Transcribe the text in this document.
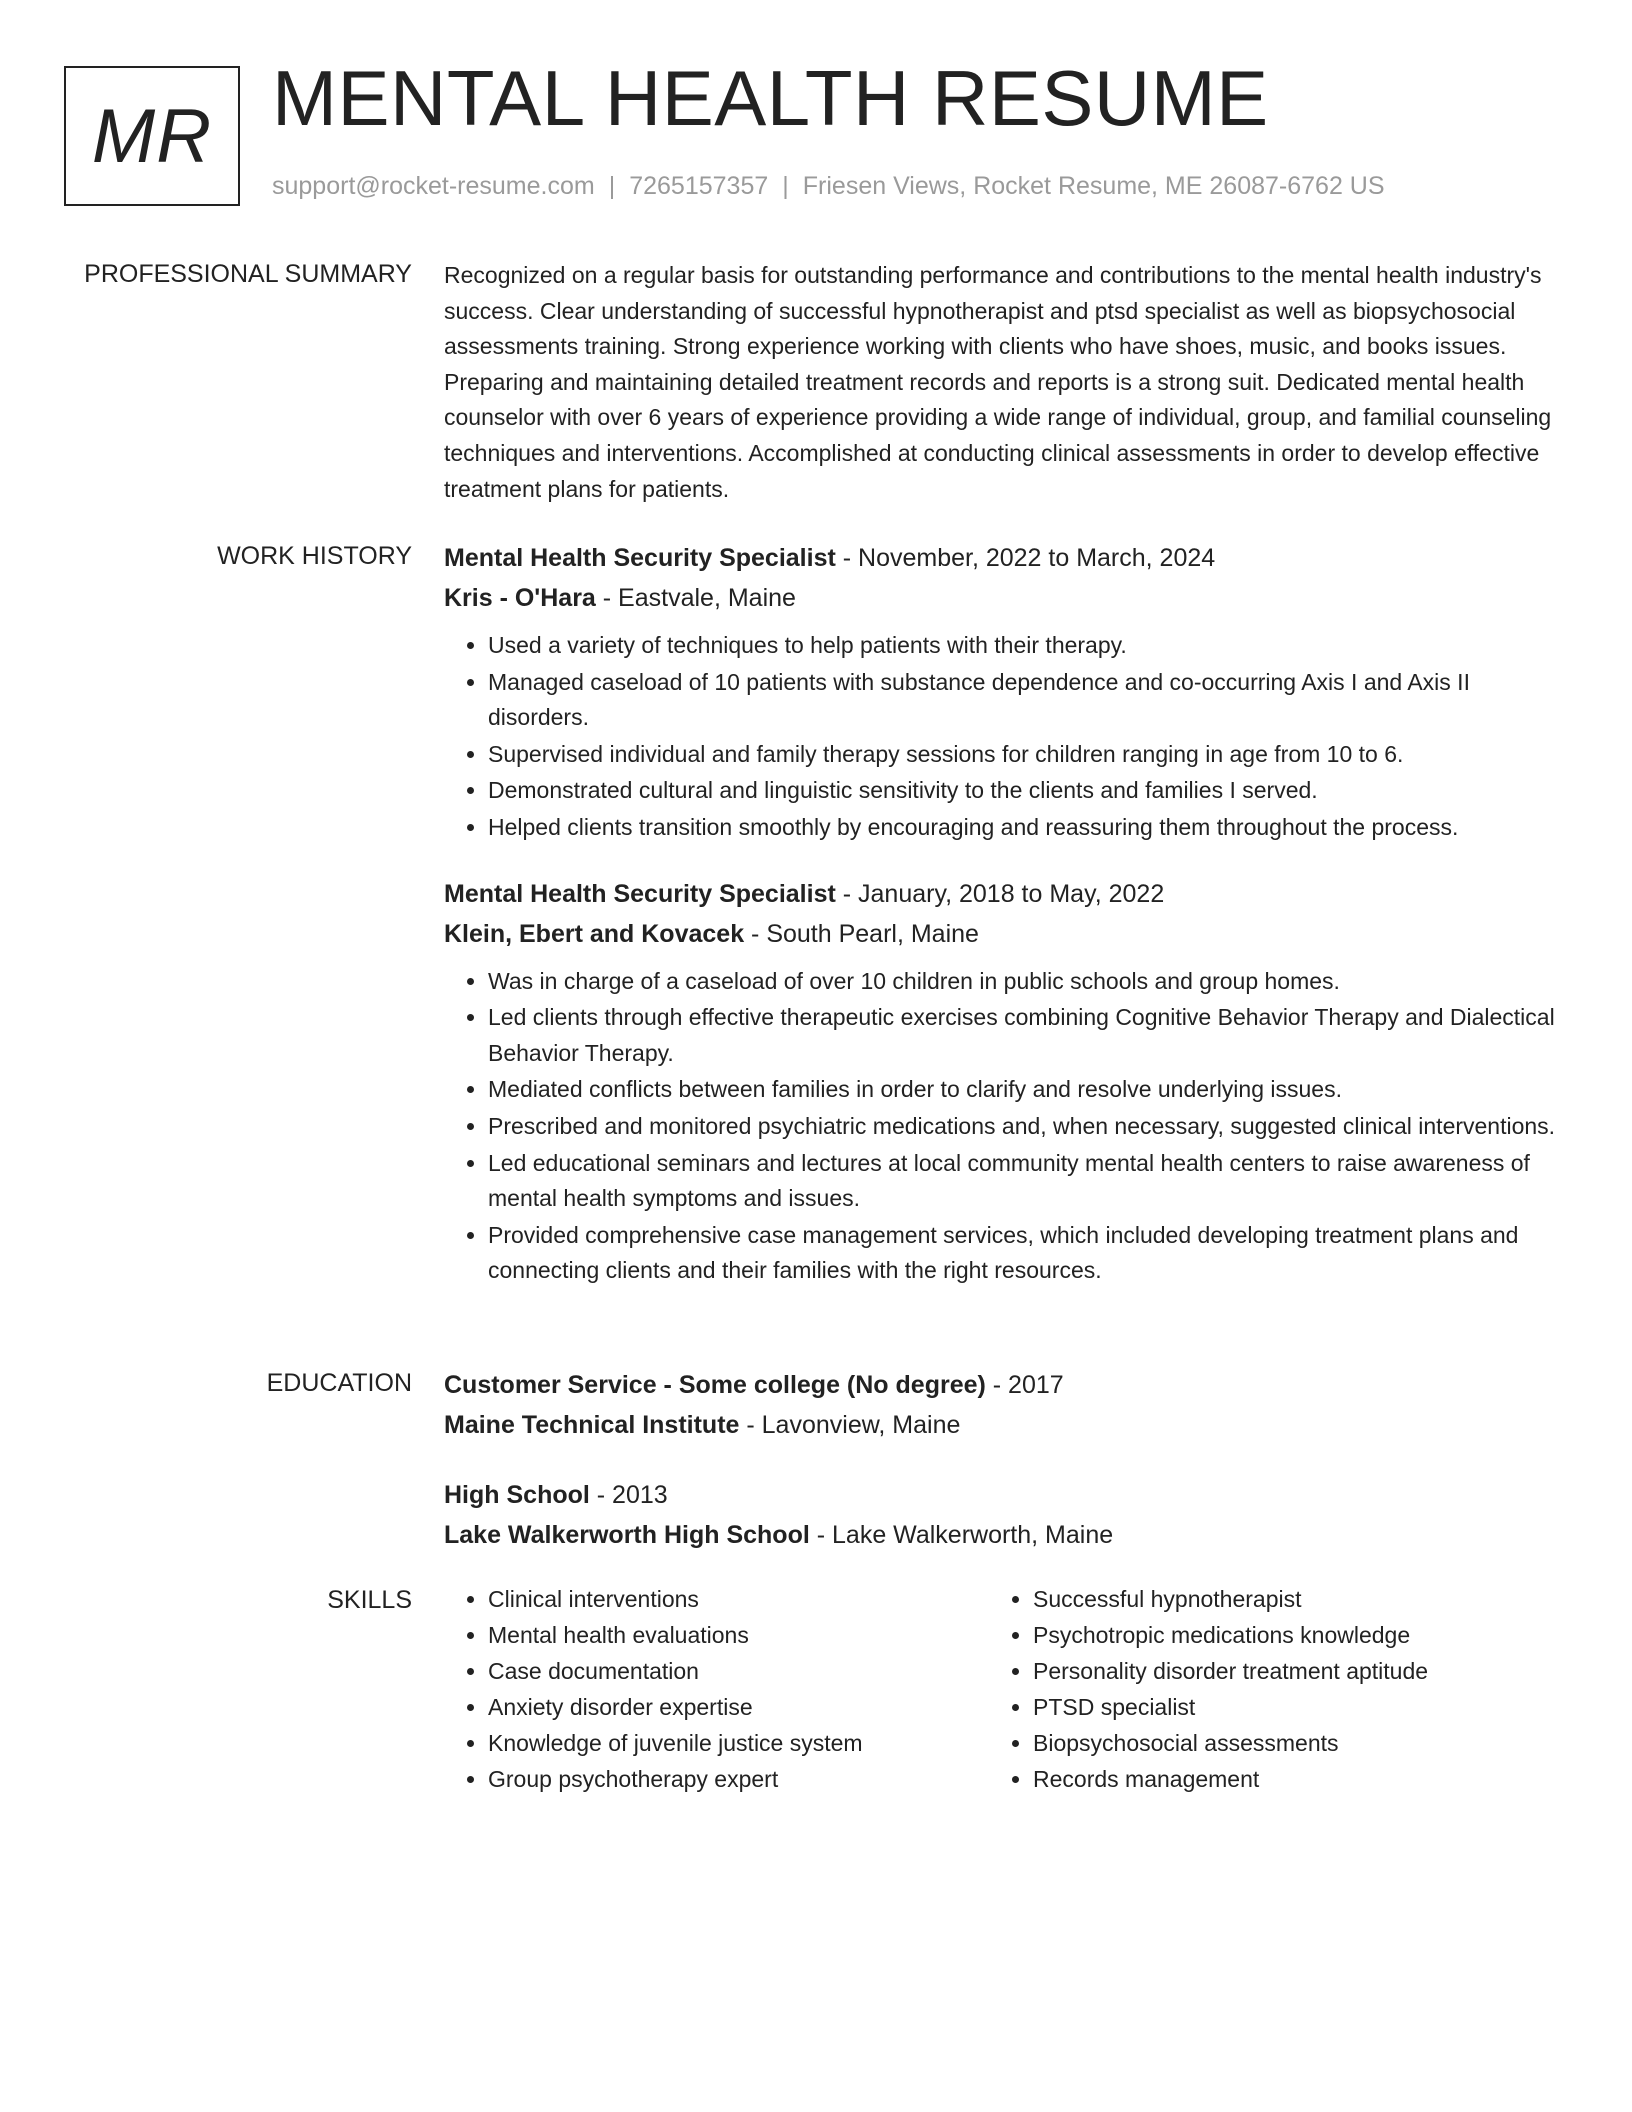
MR MENTAL HEALTH RESUME
support@rocket-resume.com | 7265157357 | Friesen Views, Rocket Resume, ME 26087-6762 US
PROFESSIONAL SUMMARY Recognized on a regular basis for outstanding performance and contributions to the mental health industry's success. Clear understanding of successful hypnotherapist and ptsd specialist as well as biopsychosocial assessments training. Strong experience working with clients who have shoes, music, and books issues. Preparing and maintaining detailed treatment records and reports is a strong suit. Dedicated mental health counselor with over 6 years of experience providing a wide range of individual, group, and familial counseling techniques and interventions. Accomplished at conducting clinical assessments in order to develop effective treatment plans for patients.

WORK HISTORY Mental Health Security Specialist - November, 2022 to March, 2024

Kris - O'Hara - Eastvale, Maine

• Used a variety of techniques to help patients with their therapy.
• Managed caseload of 10 patients with substance dependence and co-occurring Axis I and Axis II disorders.
• Supervised individual and family therapy sessions for children ranging in age from 10 to 6.
• Demonstrated cultural and linguistic sensitivity to the clients and families I served.
• Helped clients transition smoothly by encouraging and reassuring them throughout the process.

Mental Health Security Specialist - January, 2018 to May, 2022

Klein, Ebert and Kovacek - South Pearl, Maine

• Was in charge of a caseload of over 10 children in public schools and group homes.
• Led clients through effective therapeutic exercises combining Cognitive Behavior Therapy and Dialectical Behavior Therapy.
• Mediated conflicts between families in order to clarify and resolve underlying issues.
• Prescribed and monitored psychiatric medications and, when necessary, suggested clinical interventions.
• Led educational seminars and lectures at local community mental health centers to raise awareness of mental health symptoms and issues.
• Provided comprehensive case management services, which included developing treatment plans and connecting clients and their families with the right resources.
EDUCATION Customer Service - Some college (No degree) - 2017

Maine Technical Institute - Lavonview, Maine

High School - 2013

Lake Walkerworth High School - Lake Walkerworth, Maine

SKILLS
•	Clinical interventions
• Mental health evaluations
• Case documentation
• Anxiety disorder expertise
• Knowledge of juvenile justice system
• Group psychotherapy expert
• Successful hypnotherapist
• Psychotropic medications knowledge
• Personality disorder treatment aptitude
• PTSD specialist
• Biopsychosocial assessments
• Records management
